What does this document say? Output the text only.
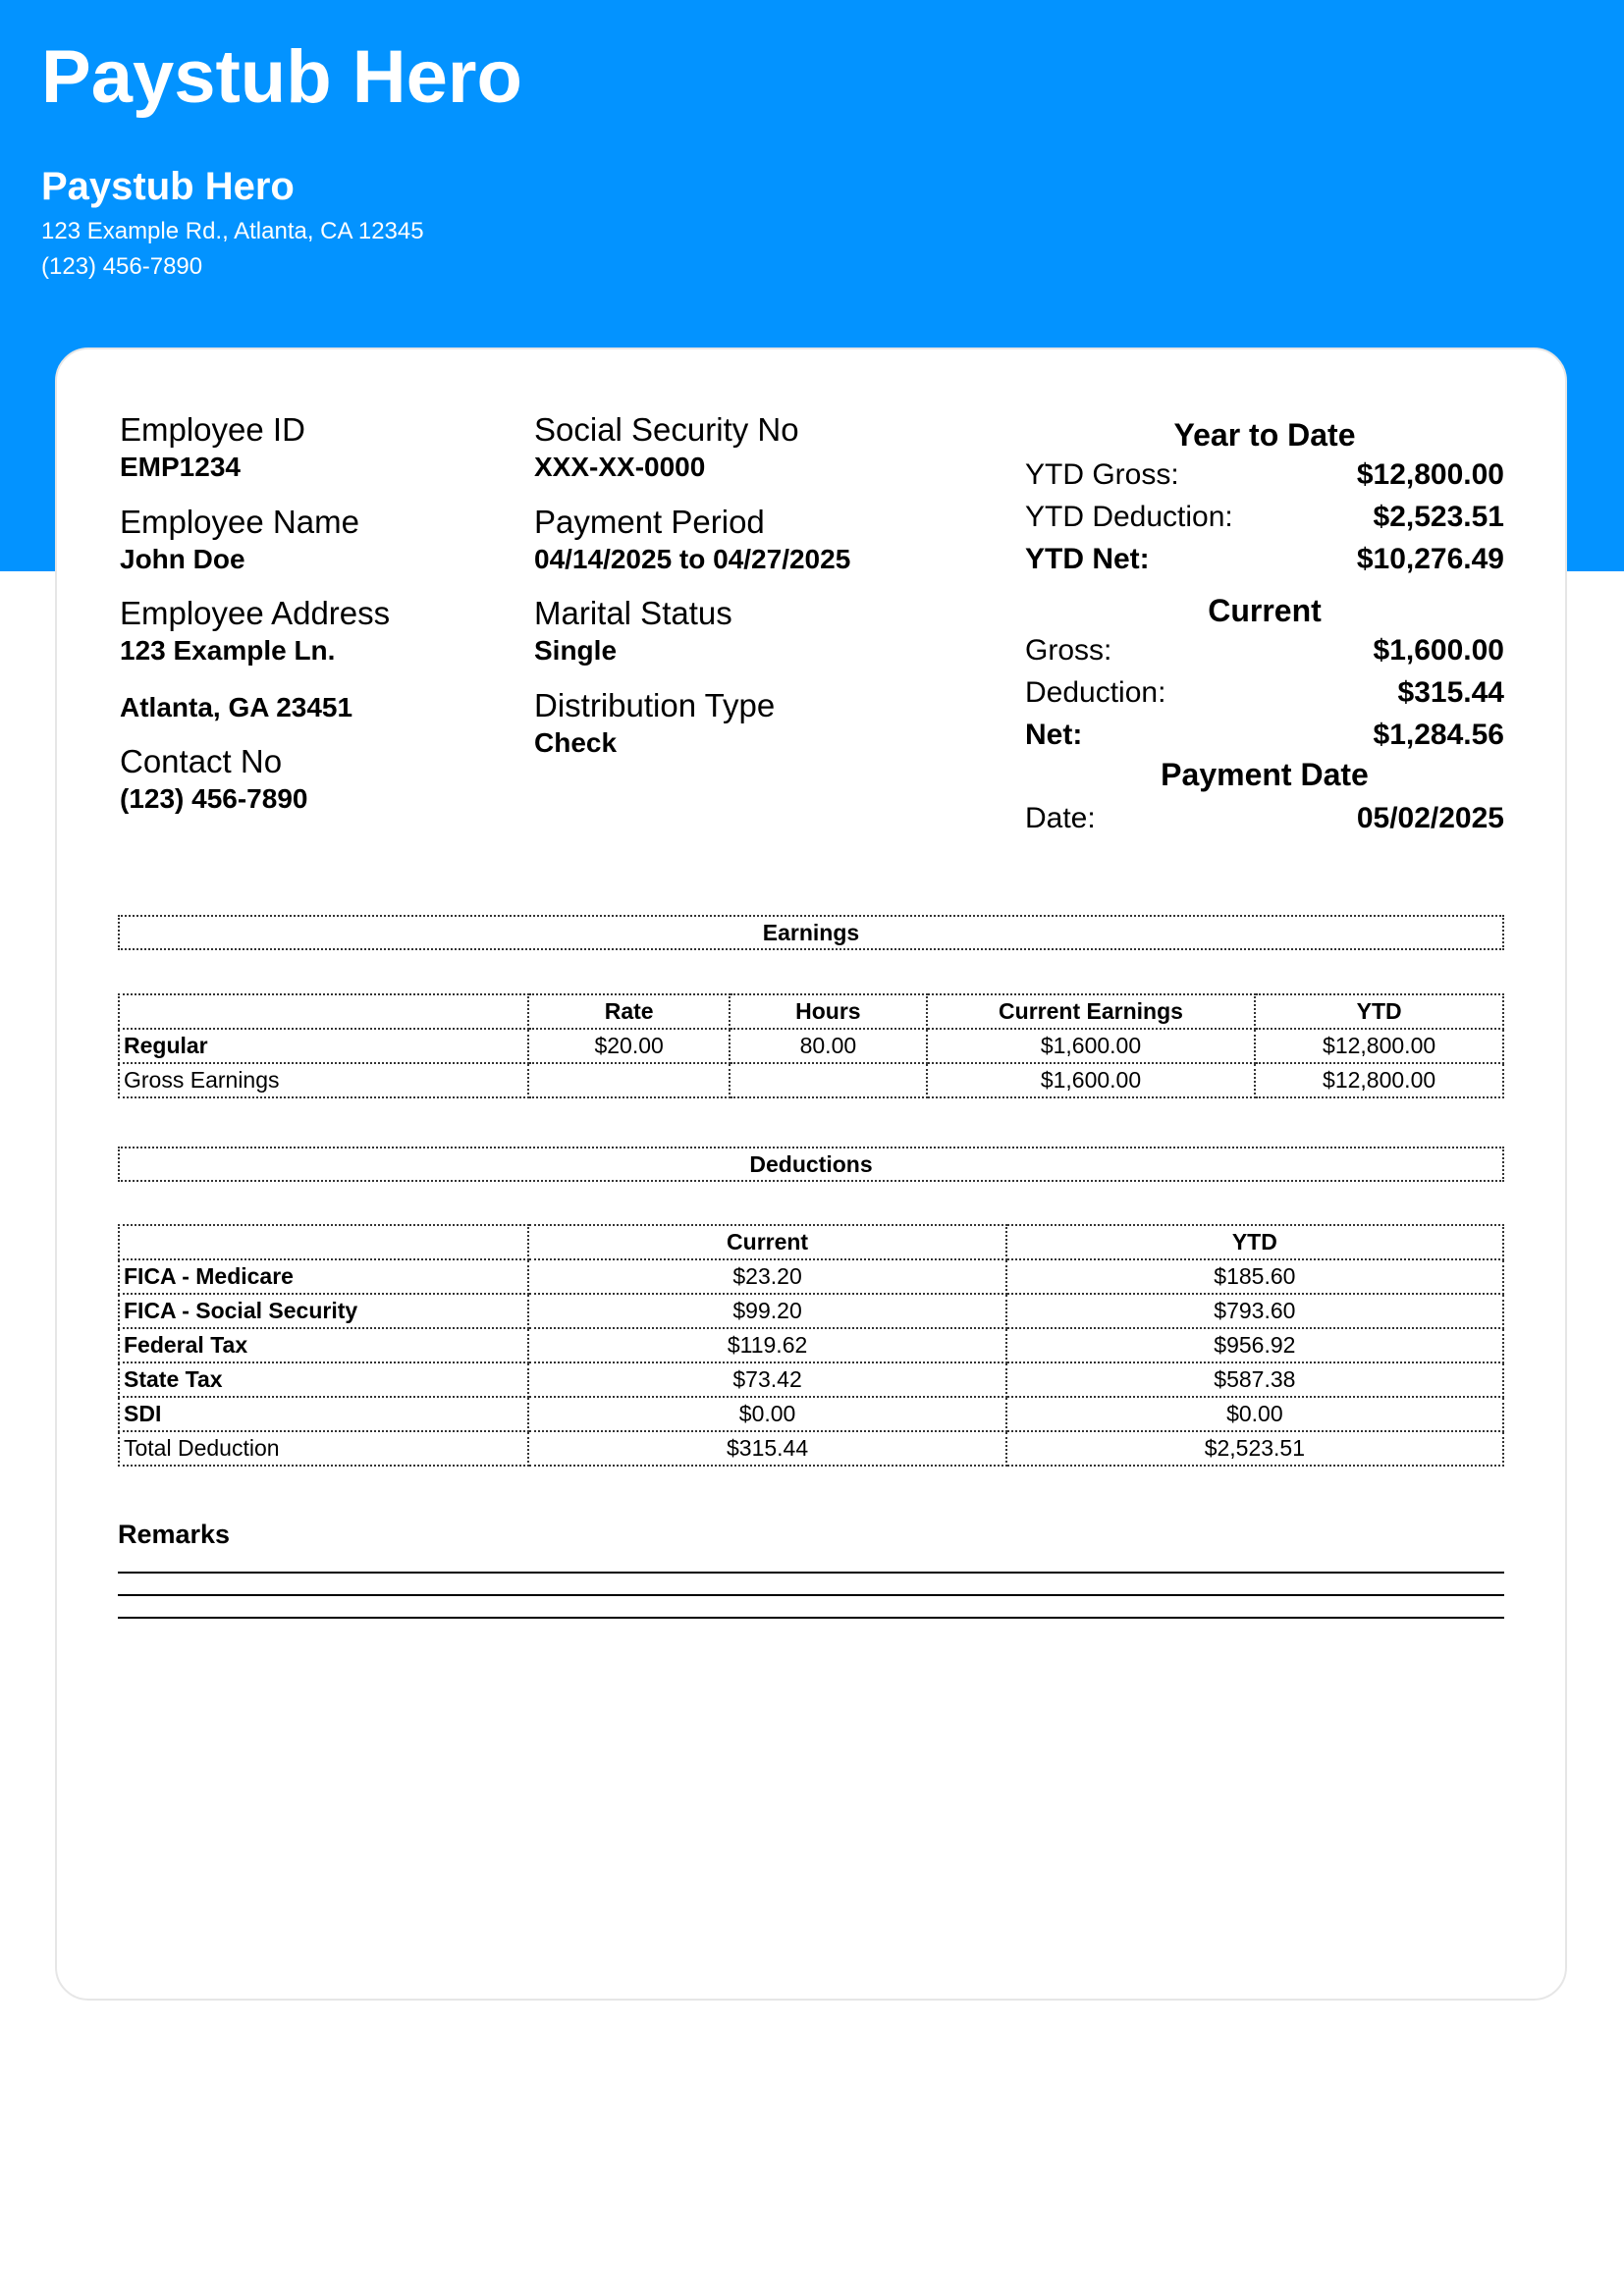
Paystub Hero
Paystub Hero
123 Example Rd., Atlanta, CA 12345
(123) 456-7890
Employee ID
EMP1234
Employee Name
John Doe
Employee Address
123 Example Ln.
Atlanta, GA 23451
Contact No
(123) 456-7890
Social Security No
XXX-XX-0000
Payment Period
04/14/2025 to 04/27/2025
Marital Status
Single
Distribution Type
Check
Year to Date
YTD Gross:	$12,800.00
YTD Deduction:	$2,523.51
YTD Net:	$10,276.49
Current
Gross:	$1,600.00
Deduction:	$315.44
Net:	$1,284.56
Payment Date
Date:	05/02/2025
Earnings
	Rate	Hours	Current Earnings	YTD
Regular	$20.00	80.00	$1,600.00	$12,800.00
Gross Earnings			$1,600.00	$12,800.00
Deductions
	Current	YTD
FICA - Medicare	$23.20	$185.60
FICA - Social Security	$99.20	$793.60
Federal Tax	$119.62	$956.92
State Tax	$73.42	$587.38
SDI	$0.00	$0.00
Total Deduction	$315.44	$2,523.51
Remarks
